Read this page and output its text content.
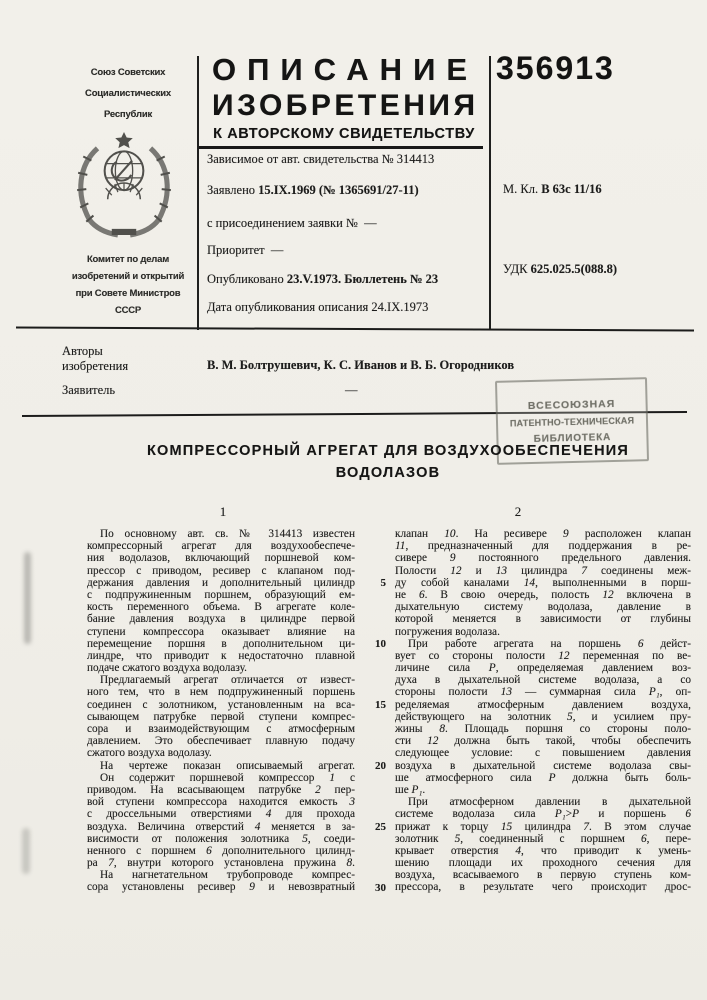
Союз Советских
Социалистических
Республик
Комитет по делам
изобретений и открытий
при Совете Министров
СССР
ОПИСАНИЕ
ИЗОБРЕТЕНИЯ
К АВТОРСКОМУ СВИДЕТЕЛЬСТВУ
356913
Зависимое от авт. свидетельства № 314413
Заявлено 15.IX.1969 (№ 1365691/27-11)
с присоединением заявки № —
Приоритет —
Опубликовано 23.V.1973. Бюллетень № 23
Дата опубликования описания 24.IX.1973
М. Кл. В 63с 11/16
УДК 625.025.5(088.8)
Авторы
изобретения	В. М. Болтрушевич, К. С. Иванов и В. Б. Огородников
Заявитель	—
ВСЕСОЮЗНАЯ
ПАТЕНТНО-ТЕХНИЧЕСКАЯ
БИБЛИОТЕКА
КОМПРЕССОРНЫЙ АГРЕГАТ ДЛЯ ВОЗДУХООБЕСПЕЧЕНИЯ
ВОДОЛАЗОВ
1	2
По основному авт. св. № 314413 известен
компрессорный агрегат для воздухообеспече-
ния водолазов, включающий поршневой ком-
прессор с приводом, ресивер с клапаном под-
держания давления и дополнительный цилиндр
с подпружиненным поршнем, образующий ем-
кость переменного объема. В агрегате коле-
бание давления воздуха в цилиндре первой
ступени компрессора оказывает влияние на
перемещение поршня в дополнительном ци-
линдре, что приводит к недостаточно плавной
подаче сжатого воздуха водолазу.
Предлагаемый агрегат отличается от извест-
ного тем, что в нем подпружиненный поршень
соединен с золотником, установленным на вса-
сывающем патрубке первой ступени компрес-
сора и взаимодействующим с атмосферным
давлением. Это обеспечивает плавную подачу
сжатого воздуха водолазу.
На чертеже показан описываемый агрегат.
Он содержит поршневой компрессор 1 с
приводом. На всасывающем патрубке 2 пер-
вой ступени компрессора находится емкость 3
с дроссельными отверстиями 4 для прохода
воздуха. Величина отверстий 4 меняется в за-
висимости от положения золотника 5, соеди-
ненного с поршнем 6 дополнительного цилинд-
ра 7, внутри которого установлена пружина 8.
На нагнетательном трубопроводе компрес-
сора установлены ресивер 9 и невозвратный
5
10
15
20
25
30
клапан 10. На ресивере 9 расположен клапан
11, предназначенный для поддержания в ре-
сивере 9 постоянного предельного давления.
Полости 12 и 13 цилиндра 7 соединены меж-
ду собой каналами 14, выполненными в порш-
не 6. В свою очередь, полость 12 включена в
дыхательную систему водолаза, давление в
которой меняется в зависимости от глубины
погружения водолаза.
При работе агрегата на поршень 6 дейст-
вует со стороны полости 12 переменная по ве-
личине сила P, определяемая давлением воз-
духа в дыхательной системе водолаза, а со
стороны полости 13 — суммарная сила P₁, оп-
ределяемая атмосферным давлением воздуха,
действующего на золотник 5, и усилием пру-
жины 8. Площадь поршня со стороны поло-
сти 12 должна быть такой, чтобы обеспечить
следующее условие: с повышением давления
воздуха в дыхательной системе водолаза свы-
ше атмосферного сила P должна быть боль-
ше P₁.
При атмосферном давлении в дыхательной
системе водолаза сила P₁>P и поршень 6
прижат к торцу 15 цилиндра 7. В этом случае
золотник 5, соединенный с поршнем 6, пере-
крывает отверстия 4, что приводит к умень-
шению площади их проходного сечения для
воздуха, всасываемого в первую ступень ком-
прессора, в результате чего происходит дрос-
